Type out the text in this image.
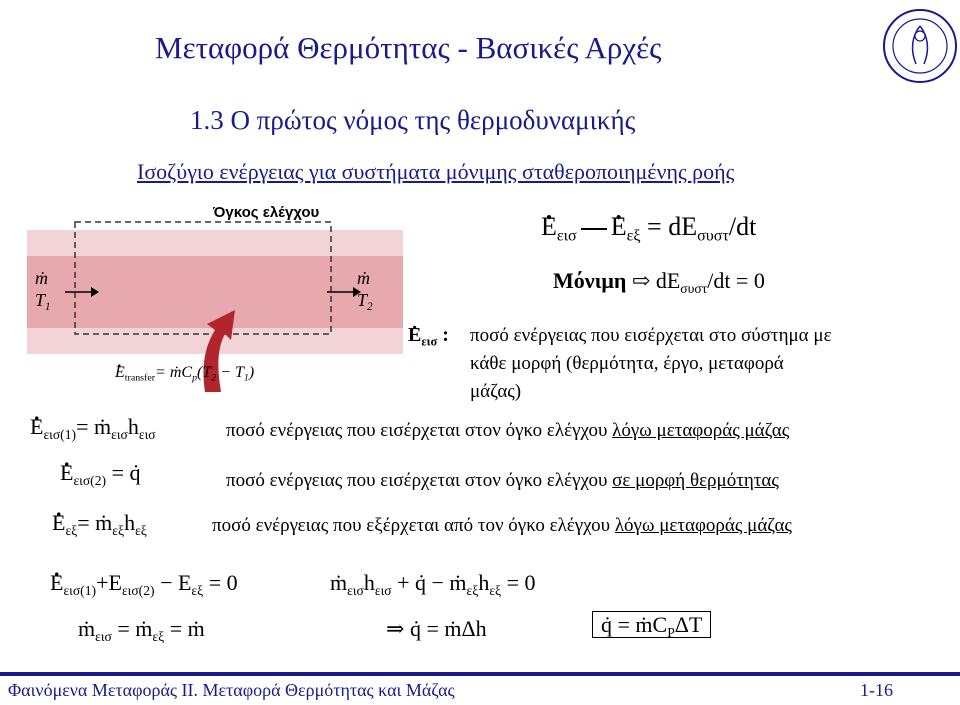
Μεταφορά Θερμότητας - Βασικές Αρχές
1.3 Ο πρώτος νόμος της θερμοδυναμικής
Ισοζύγιο ενέργειας για συστήματα μόνιμης σταθεροποιημένης ροής
Όγκος ελέγχου
ṁ
$T_1$
ṁ
$T_2$
. $E_{transfer}=$ $ṁC_p(T_2 - T_1)$
. $E_{\varepsilon\iota\sigma}$. $E_{\varepsilon\xi} = dE_{\sigma\upsilon\sigma\tau}/dt$
Μόνιμη ⇨ $dE_{\sigma\upsilon\sigma\tau}/dt = 0$
. $E_{\varepsilon\iota\sigma}$ : ποσό ενέργειας που εισέρχεται στο σύστημα με
κάθε μορφή (θερμότητα, έργο, μεταφορά
μάζας)
. $E_{\varepsilon\iota\sigma(1)}=$ $ṁ_{\varepsilon\iota\sigma}h_{\varepsilon\iota\sigma}$	ποσό ενέργειας που εισέρχεται στον όγκο ελέγχου λόγω μεταφοράς μάζας
. $E_{\varepsilon\iota\sigma(2)}$ = q̇	ποσό ενέργειας που εισέρχεται στον όγκο ελέγχου σε μορφή θερμότητας
. $E_{\varepsilon\xi}=$ $ṁ_{\varepsilon\xi}h_{\varepsilon\xi}$	ποσό ενέργειας που εξέρχεται από τον όγκο ελέγχου λόγω μεταφοράς μάζας
. $E_{\varepsilon\iota\sigma(1)}+E_{\varepsilon\iota\sigma(2)} - E_{\varepsilon\xi} = 0$
ṁ$_{\varepsilon\iota\sigma}$ = ṁ$_{\varepsilon\xi}$ = ṁ
$ṁ_{\varepsilon\iota\sigma}h_{\varepsilon\iota\sigma}$ + q̇ − $ṁ_{\varepsilon\xi}h_{\varepsilon\xi} = 0$
⇒ q̇ = ṁΔh	q̇ = ṁC$_P$ΔT
Φαινόμενα Μεταφοράς ΙΙ. Μεταφορά Θερμότητας και Μάζας	1-16
